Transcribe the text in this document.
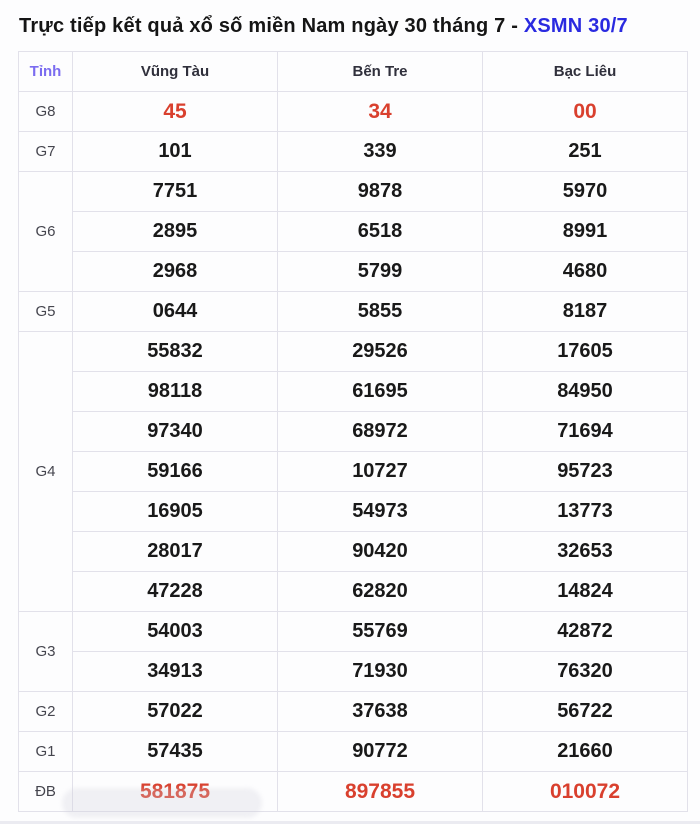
Trực tiếp kết quả xổ số miền Nam ngày 30 tháng 7 - XSMN 30/7
Tỉnh	Vũng Tàu	Bến Tre	Bạc Liêu
G8	45	34	00
G7	101	339	251
G6	7751	9878	5970
	2895	6518	8991
	2968	5799	4680
G5	0644	5855	8187
G4	55832	29526	17605
	98118	61695	84950
	97340	68972	71694
	59166	10727	95723
	16905	54973	13773
	28017	90420	32653
	47228	62820	14824
G3	54003	55769	42872
	34913	71930	76320
G2	57022	37638	56722
G1	57435	90772	21660
ĐB	581875	897855	010072
